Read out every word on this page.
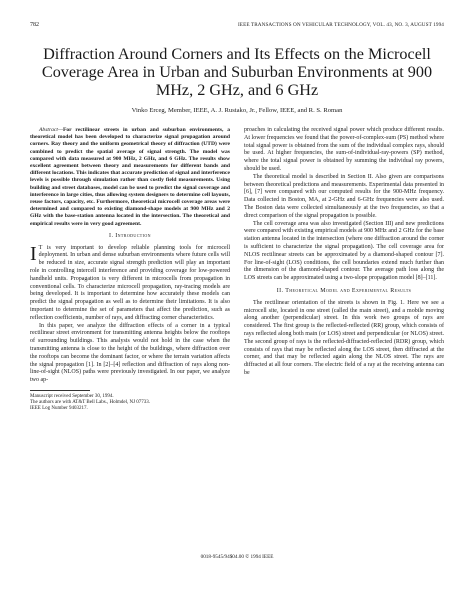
782	IEEE TRANSACTIONS ON VEHICULAR TECHNOLOGY, VOL. 43, NO. 3, AUGUST 1994
Diffraction Around Corners and Its Effects on the Microcell Coverage Area in Urban and Suburban Environments at 900 MHz, 2 GHz, and 6 GHz
Vinko Erceg, Member, IEEE, A. J. Rustako, Jr., Fellow, IEEE, and R. S. Roman

Abstract—For rectilinear streets in urban and suburban environments, a theoretical model has been developed to characterize signal propagation around corners. Ray theory and the uniform geometrical theory of diffraction (UTD) were combined to predict the spatial average of signal strength. The model was compared with data measured at 900 MHz, 2 GHz, and 6 GHz. The results show excellent agreement between theory and measurements for different bands and different locations. This indicates that accurate prediction of signal and interference levels is possible through simulation rather than costly field measurements. Using building and street databases, model can be used to predict the signal coverage and interference in large cities, thus allowing system designers to determine cell layouts, reuse factors, capacity, etc. Furthermore, theoretical microcell coverage areas were determined and compared to existing diamond-shape models at 900 MHz and 2 GHz with the base-station antenna located in the intersection. The theoretical and empirical results were in very good agreement.

I. Introduction

I T is very important to develop reliable planning tools for microcell deployment. In urban and dense suburban environments where future cells will be reduced in size, accurate signal strength prediction will play an important role in controlling intercell interference and providing coverage for low-powered handheld units. Propagation is very different in microcells from propagation in conventional cells. To characterize microcell propagation, ray-tracing models are being developed. It is important to determine how accurately these models can predict the signal propagation as well as to determine their limitations. It is also important to determine the set of parameters that affect the prediction, such as reflection coefficients, number of rays, and diffracting corner characteristics.

In this paper, we analyze the diffraction effects of a corner in a typical rectilinear street environment for transmitting antenna heights below the rooftops of surrounding buildings. This analysis would not hold in the case when the transmitting antenna is close to the height of the buildings, where diffraction over the rooftops can become the dominant factor, or where the terrain variation affects the signal propagation [1]. In [2]–[4] reflection and diffraction of rays along non-line-of-sight (NLOS) paths were previously investigated. In our paper, we analyze two ap-

Manuscript received September 30, 1994.

The authors are with AT&T Bell Labs., Holmdel, NJ 07733.

IEEE Log Number 9403217.

proaches in calculating the received signal power which produce different results. At lower frequencies we found that the power-of-complex-sum (PS) method where total signal power is obtained from the sum of the individual complex rays, should be used. At higher frequencies, the sum-of-individual-ray-powers (SP) method, where the total signal power is obtained by summing the individual ray powers, should be used.

The theoretical model is described in Section II. Also given are comparisons between theoretical predictions and measurements. Experimental data presented in [6], [7] were compared with our computed results for the 900-MHz frequency. Data collected in Boston, MA, at 2-GHz and 6-GHz frequencies were also used. The Boston data were collected simultaneously at the two frequencies, so that a direct comparison of the signal propagation is possible.

The cell coverage area was also investigated (Section III) and new predictions were compared with existing empirical models at 900 MHz and 2 GHz for the base station antenna located in the intersection (where one diffraction around the corner is sufficient to characterize the signal propagation). The cell coverage area for NLOS rectilinear streets can be approximated by a diamond-shaped contour [7]. For line-of-sight (LOS) conditions, the cell boundaries extend much further than the dimension of the diamond-shaped contour. The average path loss along the LOS streets can be approximated using a two-slope propagation model [8]–[11].

II. Theoretical Model and Experimental Results

The rectilinear orientation of the streets is shown in Fig. 1. Here we see a microcell site, located in one street (called the main street), and a mobile moving along another (perpendicular) street. In this work two groups of rays are considered. The first group is the reflected-reflected (RR) group, which consists of rays reflected along both main (or LOS) street and perpendicular (or NLOS) street. The second group of rays is the reflected-diffracted-reflected (RDR) group, which consists of rays that may be reflected along the LOS street, then diffracted at the corner, and that may be reflected again along the NLOS street. The rays are diffracted at all four corners. The electric field of a ray at the receiving antenna can be

0018-9545/94$04.00 © 1994 IEEE
